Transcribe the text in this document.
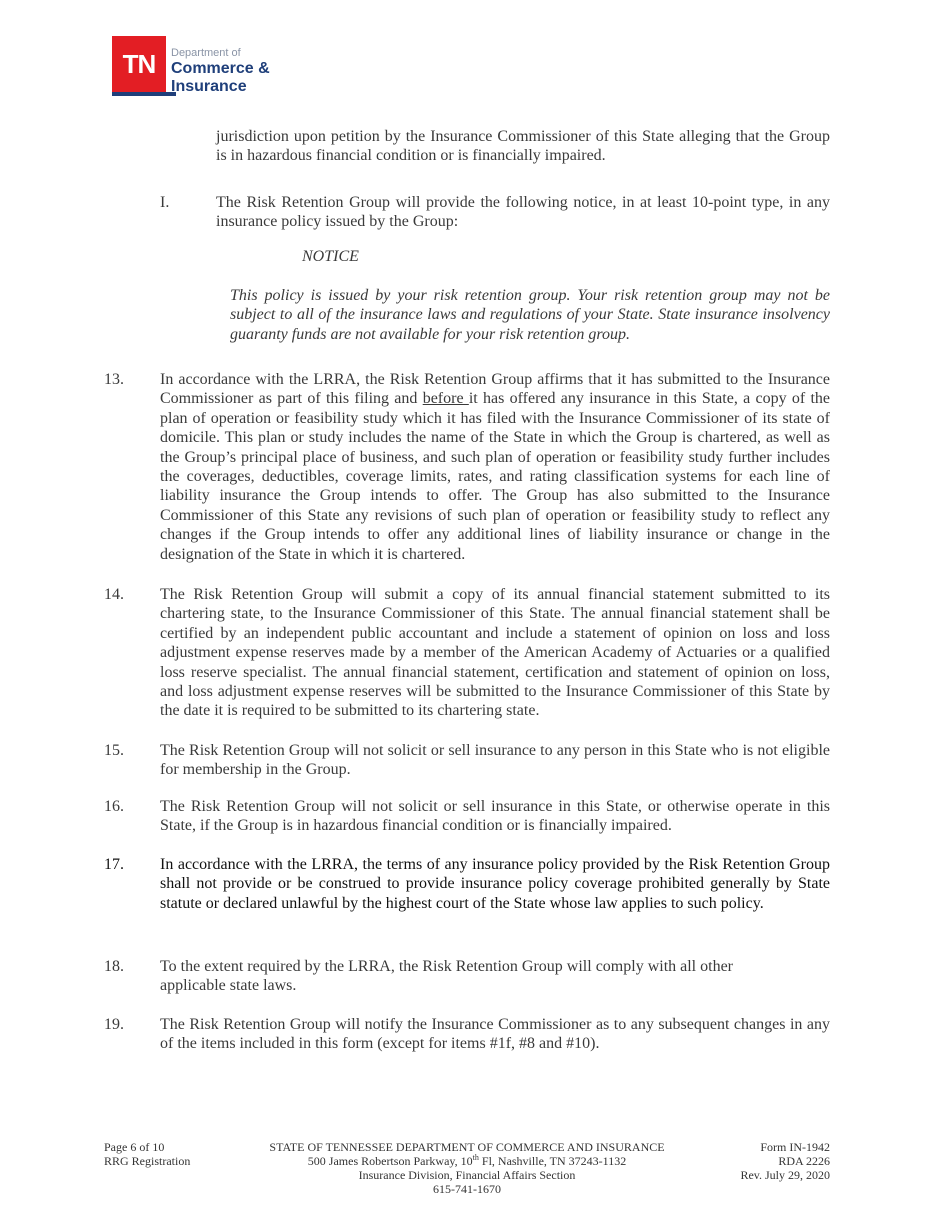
TN	Department of
Commerce &
Insurance

jurisdiction upon petition by the Insurance Commissioner of this State alleging that the Group is in hazardous financial condition or is financially impaired.

I.	The Risk Retention Group will provide the following notice, in at least 10-point type, in any insurance policy issued by the Group:

NOTICE

This policy is issued by your risk retention group. Your risk retention group may not be subject to all of the insurance laws and regulations of your State. State insurance insolvency guaranty funds are not available for your risk retention group.

13. In accordance with the LRRA, the Risk Retention Group affirms that it has submitted to the Insurance Commissioner as part of this filing and before it has offered any insurance in this State, a copy of the plan of operation or feasibility study which it has filed with the Insurance Commissioner of its state of domicile. This plan or study includes the name of the State in which the Group is chartered, as well as the Group’s principal place of business, and such plan of operation or feasibility study further includes the coverages, deductibles, coverage limits, rates, and rating classification systems for each line of liability insurance the Group intends to offer. The Group has also submitted to the Insurance Commissioner of this State any revisions of such plan of operation or feasibility study to reflect any changes if the Group intends to offer any additional lines of liability insurance or change in the designation of the State in which it is chartered.

14. The Risk Retention Group will submit a copy of its annual financial statement submitted to its chartering state, to the Insurance Commissioner of this State. The annual financial statement shall be certified by an independent public accountant and include a statement of opinion on loss and loss adjustment expense reserves made by a member of the American Academy of Actuaries or a qualified loss reserve specialist. The annual financial statement, certification and statement of opinion on loss, and loss adjustment expense reserves will be submitted to the Insurance Commissioner of this State by the date it is required to be submitted to its chartering state.

15. The Risk Retention Group will not solicit or sell insurance to any person in this State who is not eligible for membership in the Group.

16. The Risk Retention Group will not solicit or sell insurance in this State, or otherwise operate in this State, if the Group is in hazardous financial condition or is financially impaired.

17. In accordance with the LRRA, the terms of any insurance policy provided by the Risk Retention Group shall not provide or be construed to provide insurance policy coverage prohibited generally by State statute or declared unlawful by the highest court of the State whose law applies to such policy.

18. To the extent required by the LRRA, the Risk Retention Group will comply with all other
applicable state laws.

19. The Risk Retention Group will notify the Insurance Commissioner as to any subsequent changes in any of the items included in this form (except for items #1f, #8 and #10).

Page 6 of 10
RRG Registration
STATE OF TENNESSEE DEPARTMENT OF COMMERCE AND INSURANCE
500 James Robertson Parkway, 10th Fl, Nashville, TN 37243-1132
Insurance Division, Financial Affairs Section
615-741-1670
Form IN-1942
RDA 2226
Rev. July 29, 2020
